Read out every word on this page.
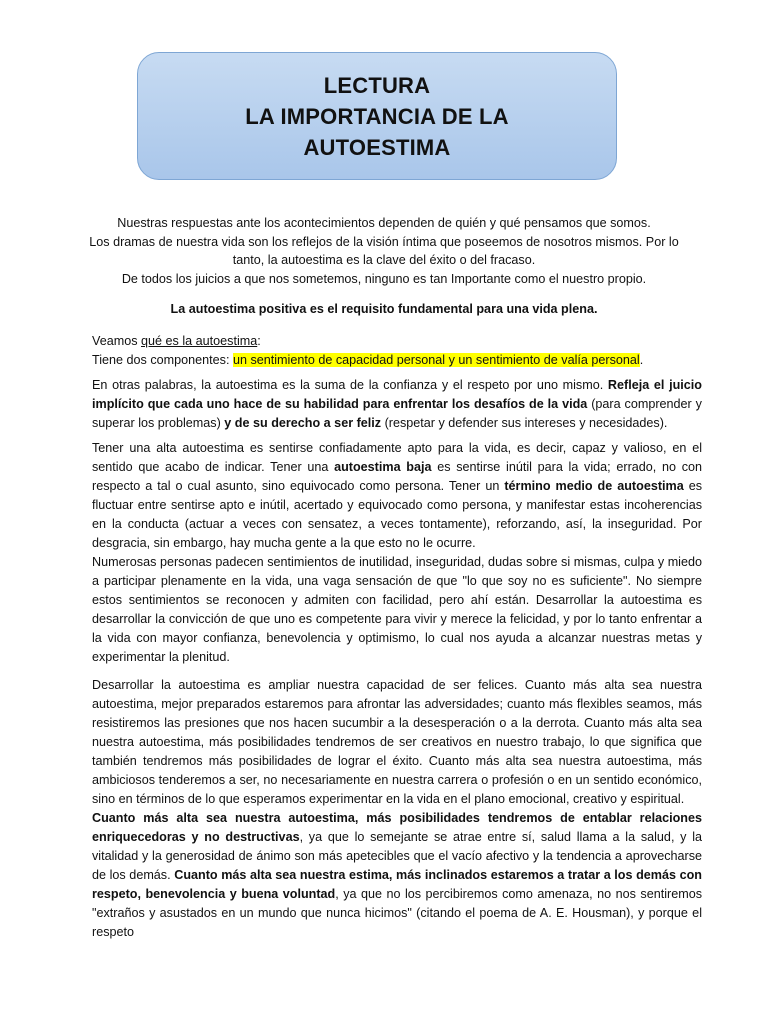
LECTURA
LA IMPORTANCIA DE LA
AUTOESTIMA

Nuestras respuestas ante los acontecimientos dependen de quién y qué pensamos que somos.

Los dramas de nuestra vida son los reflejos de la visión íntima que poseemos de nosotros mismos. Por lo tanto, la autoestima es la clave del éxito o del fracaso.

De todos los juicios a que nos sometemos, ninguno es tan Importante como el nuestro propio.

La autoestima positiva es el requisito fundamental para una vida plena.

Veamos qué es la autoestima:

Tiene dos componentes: un sentimiento de capacidad personal y un sentimiento de valía personal.

En otras palabras, la autoestima es la suma de la confianza y el respeto por uno mismo. Refleja el juicio implícito que cada uno hace de su habilidad para enfrentar los desafíos de la vida (para comprender y superar los problemas) y de su derecho a ser feliz (respetar y defender sus intereses y necesidades).

Tener una alta autoestima es sentirse confiadamente apto para la vida, es decir, capaz y valioso, en el sentido que acabo de indicar. Tener una autoestima baja es sentirse inútil para la vida; errado, no con respecto a tal o cual asunto, sino equivocado como persona. Tener un término medio de autoestima es fluctuar entre sentirse apto e inútil, acertado y equivocado como persona, y manifestar estas incoherencias en la conducta (actuar a veces con sensatez, a veces tontamente), reforzando, así, la inseguridad. Por desgracia, sin embargo, hay mucha gente a la que esto no le ocurre.

Numerosas personas padecen sentimientos de inutilidad, inseguridad, dudas sobre si mismas, culpa y miedo a participar plenamente en la vida, una vaga sensación de que "lo que soy no es suficiente". No siempre estos sentimientos se reconocen y admiten con facilidad, pero ahí están. Desarrollar la autoestima es desarrollar la convicción de que uno es competente para vivir y merece la felicidad, y por lo tanto enfrentar a la vida con mayor confianza, benevolencia y optimismo, lo cual nos ayuda a alcanzar nuestras metas y experimentar la plenitud.

Desarrollar la autoestima es ampliar nuestra capacidad de ser felices. Cuanto más alta sea nuestra autoestima, mejor preparados estaremos para afrontar las adversidades; cuanto más flexibles seamos, más resistiremos las presiones que nos hacen sucumbir a la desesperación o a la derrota. Cuanto más alta sea nuestra autoestima, más posibilidades tendremos de ser creativos en nuestro trabajo, lo que significa que también tendremos más posibilidades de lograr el éxito. Cuanto más alta sea nuestra autoestima, más ambiciosos tenderemos a ser, no necesariamente en nuestra carrera o profesión o en un sentido económico, sino en términos de lo que esperamos experimentar en la vida en el plano emocional, creativo y espiritual.

Cuanto más alta sea nuestra autoestima, más posibilidades tendremos de entablar relaciones enriquecedoras y no destructivas, ya que lo semejante se atrae entre sí, salud llama a la salud, y la vitalidad y la generosidad de ánimo son más apetecibles que el vacío afectivo y la tendencia a aprovecharse de los demás. Cuanto más alta sea nuestra estima, más inclinados estaremos a tratar a los demás con respeto, benevolencia y buena voluntad, ya que no los percibiremos como amenaza, no nos sentiremos "extraños y asustados en un mundo que nunca hicimos" (citando el poema de A. E. Housman), y porque el respeto
